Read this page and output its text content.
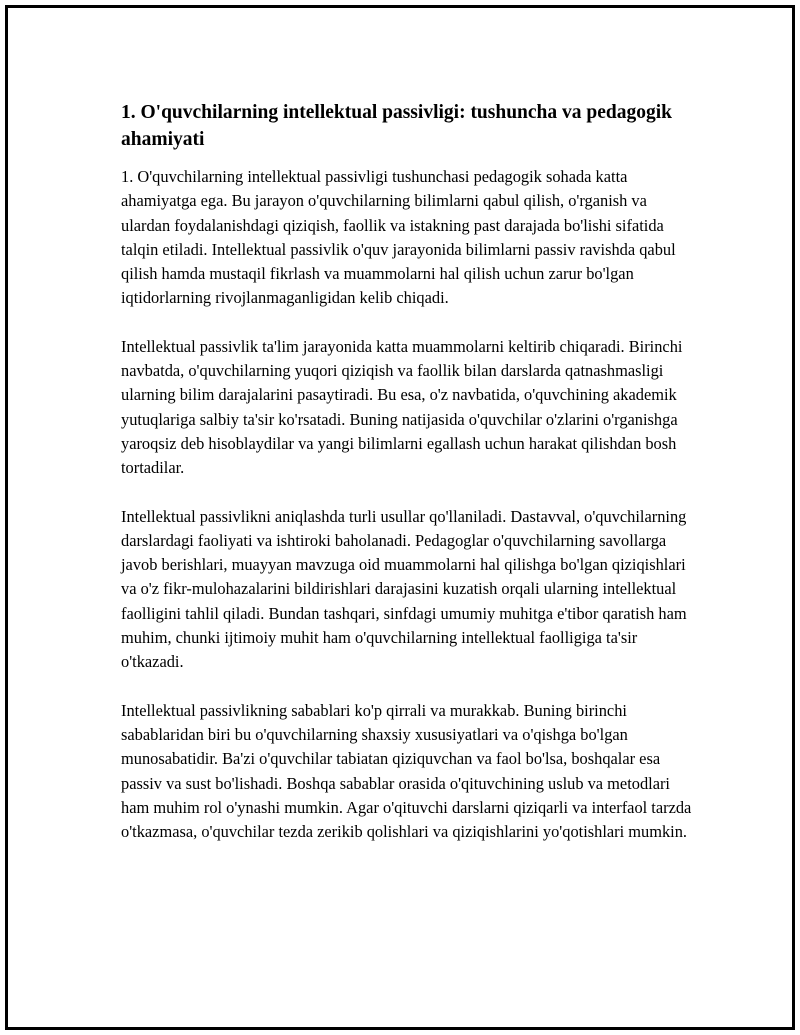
1. O'quvchilarning intellektual passivligi: tushuncha va pedagogik ahamiyati

1. O'quvchilarning intellektual passivligi tushunchasi pedagogik sohada katta ahamiyatga ega. Bu jarayon o'quvchilarning bilimlarni qabul qilish, o'rganish va ulardan foydalanishdagi qiziqish, faollik va istakning past darajada bo'lishi sifatida talqin etiladi. Intellektual passivlik o'quv jarayonida bilimlarni passiv ravishda qabul qilish hamda mustaqil fikrlash va muammolarni hal qilish uchun zarur bo'lgan iqtidorlarning rivojlanmaganligidan kelib chiqadi.

Intellektual passivlik ta'lim jarayonida katta muammolarni keltirib chiqaradi. Birinchi navbatda, o'quvchilarning yuqori qiziqish va faollik bilan darslarda qatnashmasligi ularning bilim darajalarini pasaytiradi. Bu esa, o'z navbatida, o'quvchining akademik yutuqlariga salbiy ta'sir ko'rsatadi. Buning natijasida o'quvchilar o'zlarini o'rganishga yaroqsiz deb hisoblaydilar va yangi bilimlarni egallash uchun harakat qilishdan bosh tortadilar.

Intellektual passivlikni aniqlashda turli usullar qo'llaniladi. Dastavval, o'quvchilarning darslardagi faoliyati va ishtiroki baholanadi. Pedagoglar o'quvchilarning savollarga javob berishlari, muayyan mavzuga oid muammolarni hal qilishga bo'lgan qiziqishlari va o'z fikr-mulohazalarini bildirishlari darajasini kuzatish orqali ularning intellektual faolligini tahlil qiladi. Bundan tashqari, sinfdagi umumiy muhitga e'tibor qaratish ham muhim, chunki ijtimoiy muhit ham o'quvchilarning intellektual faolligiga ta'sir o'tkazadi.

Intellektual passivlikning sabablari ko'p qirrali va murakkab. Buning birinchi sabablaridan biri bu o'quvchilarning shaxsiy xususiyatlari va o'qishga bo'lgan munosabatidir. Ba'zi o'quvchilar tabiatan qiziquvchan va faol bo'lsa, boshqalar esa passiv va sust bo'lishadi. Boshqa sabablar orasida o'qituvchining uslub va metodlari ham muhim rol o'ynashi mumkin. Agar o'qituvchi darslarni qiziqarli va interfaol tarzda o'tkazmasa, o'quvchilar tezda zerikib qolishlari va qiziqishlarini yo'qotishlari mumkin.
